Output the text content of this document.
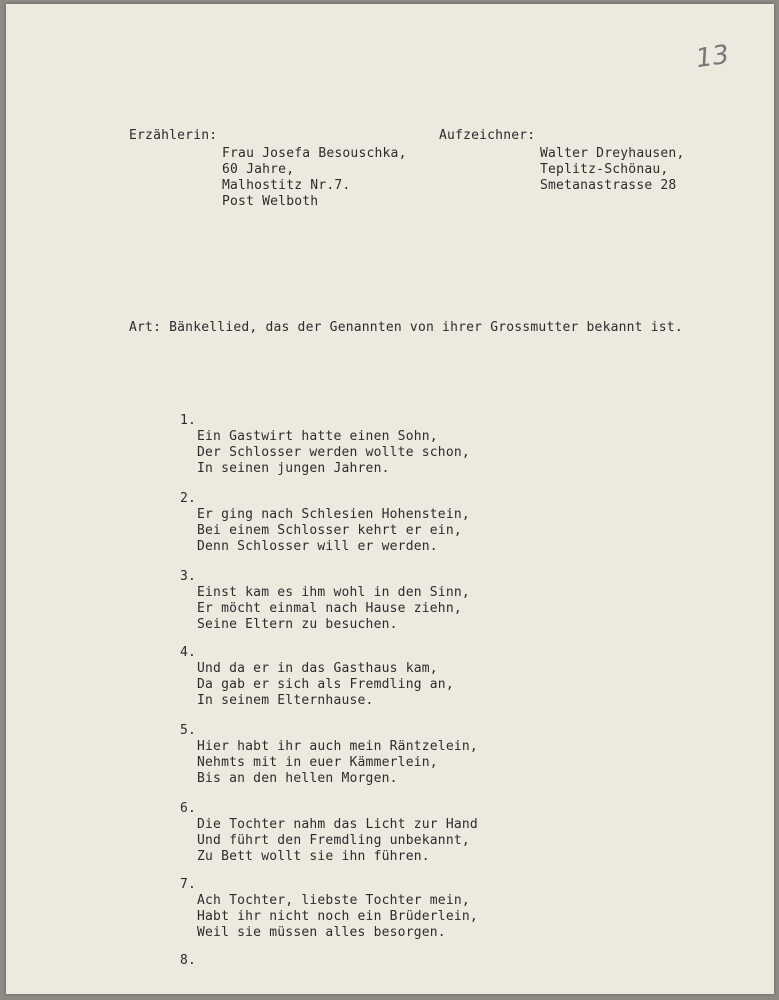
13
Erzählerin:
Frau Josefa Besouschka,
60 Jahre,
Malhostitz Nr.7.
Post Welboth
Aufzeichner:
Walter Dreyhausen,
Teplitz-Schönau,
Smetanastrasse 28
Art: Bänkellied, das der Genannten von ihrer Grossmutter bekannt ist.
1.
Ein Gastwirt hatte einen Sohn,
Der Schlosser werden wollte schon,
In seinen jungen Jahren.
2.
Er ging nach Schlesien Hohenstein,
Bei einem Schlosser kehrt er ein,
Denn Schlosser will er werden.
3.
Einst kam es ihm wohl in den Sinn,
Er möcht einmal nach Hause ziehn,
Seine Eltern zu besuchen.
4.
Und da er in das Gasthaus kam,
Da gab er sich als Fremdling an,
In seinem Elternhause.
5.
Hier habt ihr auch mein Räntzelein,
Nehmts mit in euer Kämmerlein,
Bis an den hellen Morgen.
6.
Die Tochter nahm das Licht zur Hand
Und führt den Fremdling unbekannt,
Zu Bett wollt sie ihn führen.
7.
Ach Tochter, liebste Tochter mein,
Habt ihr nicht noch ein Brüderlein,
Weil sie müssen alles besorgen.
8.
